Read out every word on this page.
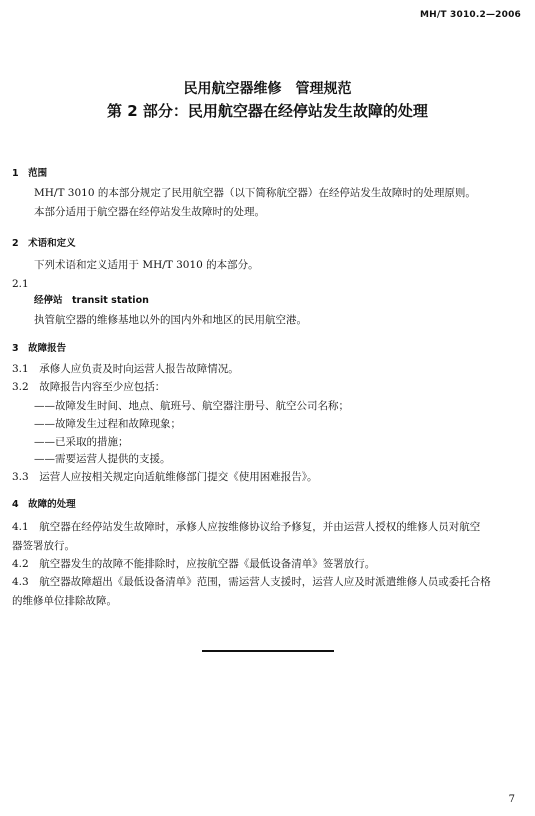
MH/T 3010.2—2006
民用航空器维修　管理规范
第 2 部分：民用航空器在经停站发生故障的处理
1　范围
MH/T 3010 的本部分规定了民用航空器（以下简称航空器）在经停站发生故障时的处理原则。
本部分适用于航空器在经停站发生故障时的处理。
2　术语和定义
下列术语和定义适用于 MH/T 3010 的本部分。
2.1
经停站　transit station
执管航空器的维修基地以外的国内外和地区的民用航空港。
3　故障报告
3.1　承修人应负责及时向运营人报告故障情况。
3.2　故障报告内容至少应包括：
——故障发生时间、地点、航班号、航空器注册号、航空公司名称；
——故障发生过程和故障现象；
——已采取的措施；
——需要运营人提供的支援。
3.3　运营人应按相关规定向适航维修部门提交《使用困难报告》。
4　故障的处理
4.1　航空器在经停站发生故障时，承修人应按维修协议给予修复，并由运营人授权的维修人员对航空
器签署放行。
4.2　航空器发生的故障不能排除时，应按航空器《最低设备清单》签署放行。
4.3　航空器故障超出《最低设备清单》范围，需运营人支援时，运营人应及时派遣维修人员或委托合格
的维修单位排除故障。
7
